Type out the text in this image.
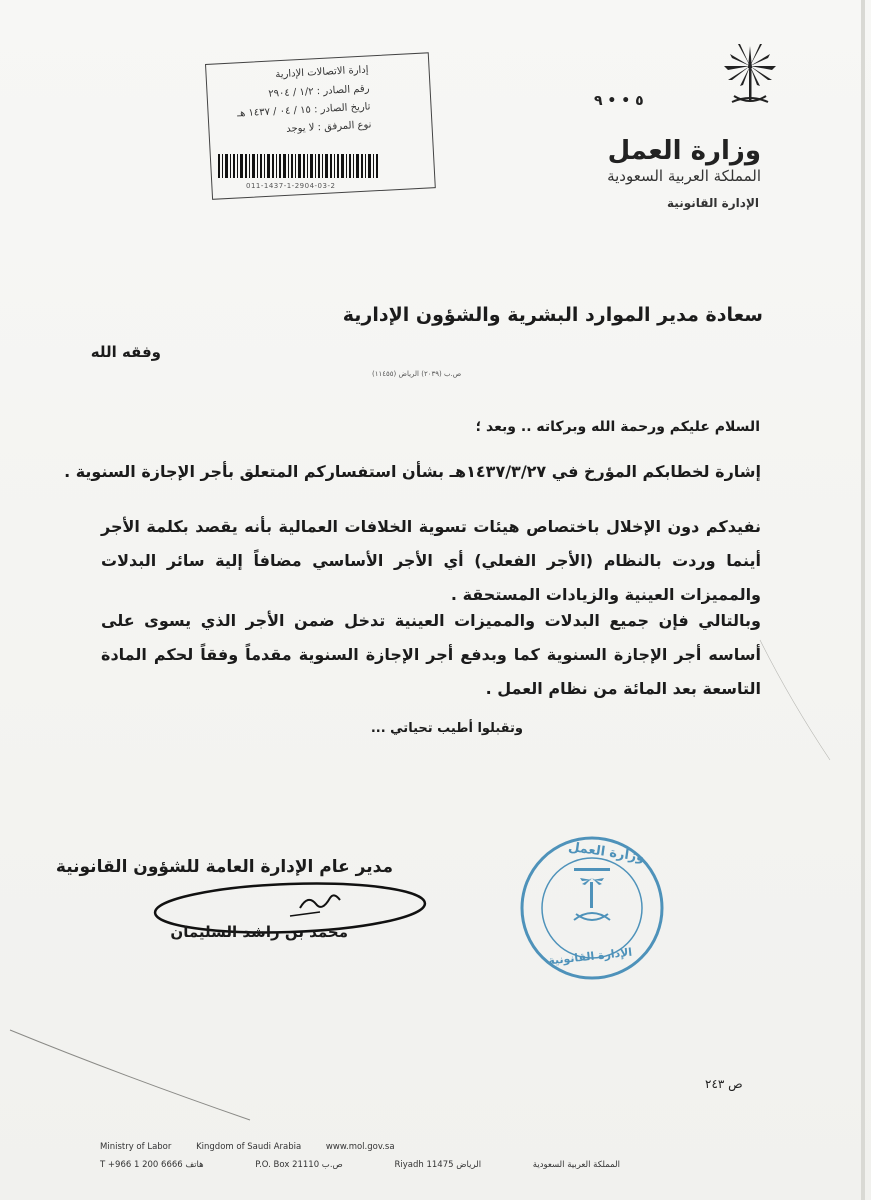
وزارة العمل
المملكة العربية السعودية
الإدارة القانونية
٥ • • ٩
إدارة الاتصالات الإدارية
رقم الصادر : ١/٢ / ٢٩٠٤
تاريخ الصادر : ١٥ / ٠٤ / ١٤٣٧ هـ
نوع المرفق : لا يوجد
011-1437-1-2904-03-2
سعادة مدير الموارد البشرية والشؤون الإدارية
وفقه الله
ص.ب (٢٠٣٩) الرياض (١١٤٥٥)
السلام عليكم ورحمة الله وبركاته .. وبعد ؛
إشارة لخطابكم المؤرخ في ١٤٣٧/٣/٢٧هـ بشأن استفساركم المتعلق بأجر الإجازة السنوية .
نفيدكم دون الإخلال باختصاص هيئات تسوية الخلافات العمالية بأنه يقصد بكلمة الأجر أينما وردت بالنظام (الأجر الفعلي) أي الأجر الأساسي مضافاً إلية سائر البدلات والمميزات العينية والزيادات المستحقة .
وبالتالي فإن جميع البدلات والمميزات العينية تدخل ضمن الأجر الذي يسوى على أساسه أجر الإجازة السنوية كما وبدفع أجر الإجازة السنوية مقدماً وفقاً لحكم المادة التاسعة بعد المائة من نظام العمل .
وتقبلوا أطيب تحياتي ...
مدير عام الإدارة العامة للشؤون القانونية
محمد بن راشد السليمان
وزارة العمل
الإدارة القانونية
ص ٢٤٣
Ministry of Labor	Kingdom of Saudi Arabia	www.mol.gov.sa
هاتف 6666 200 1 966+ T	ص.ب 21110 P.O. Box	الرياض 11475 Riyadh	المملكة العربية السعودية
